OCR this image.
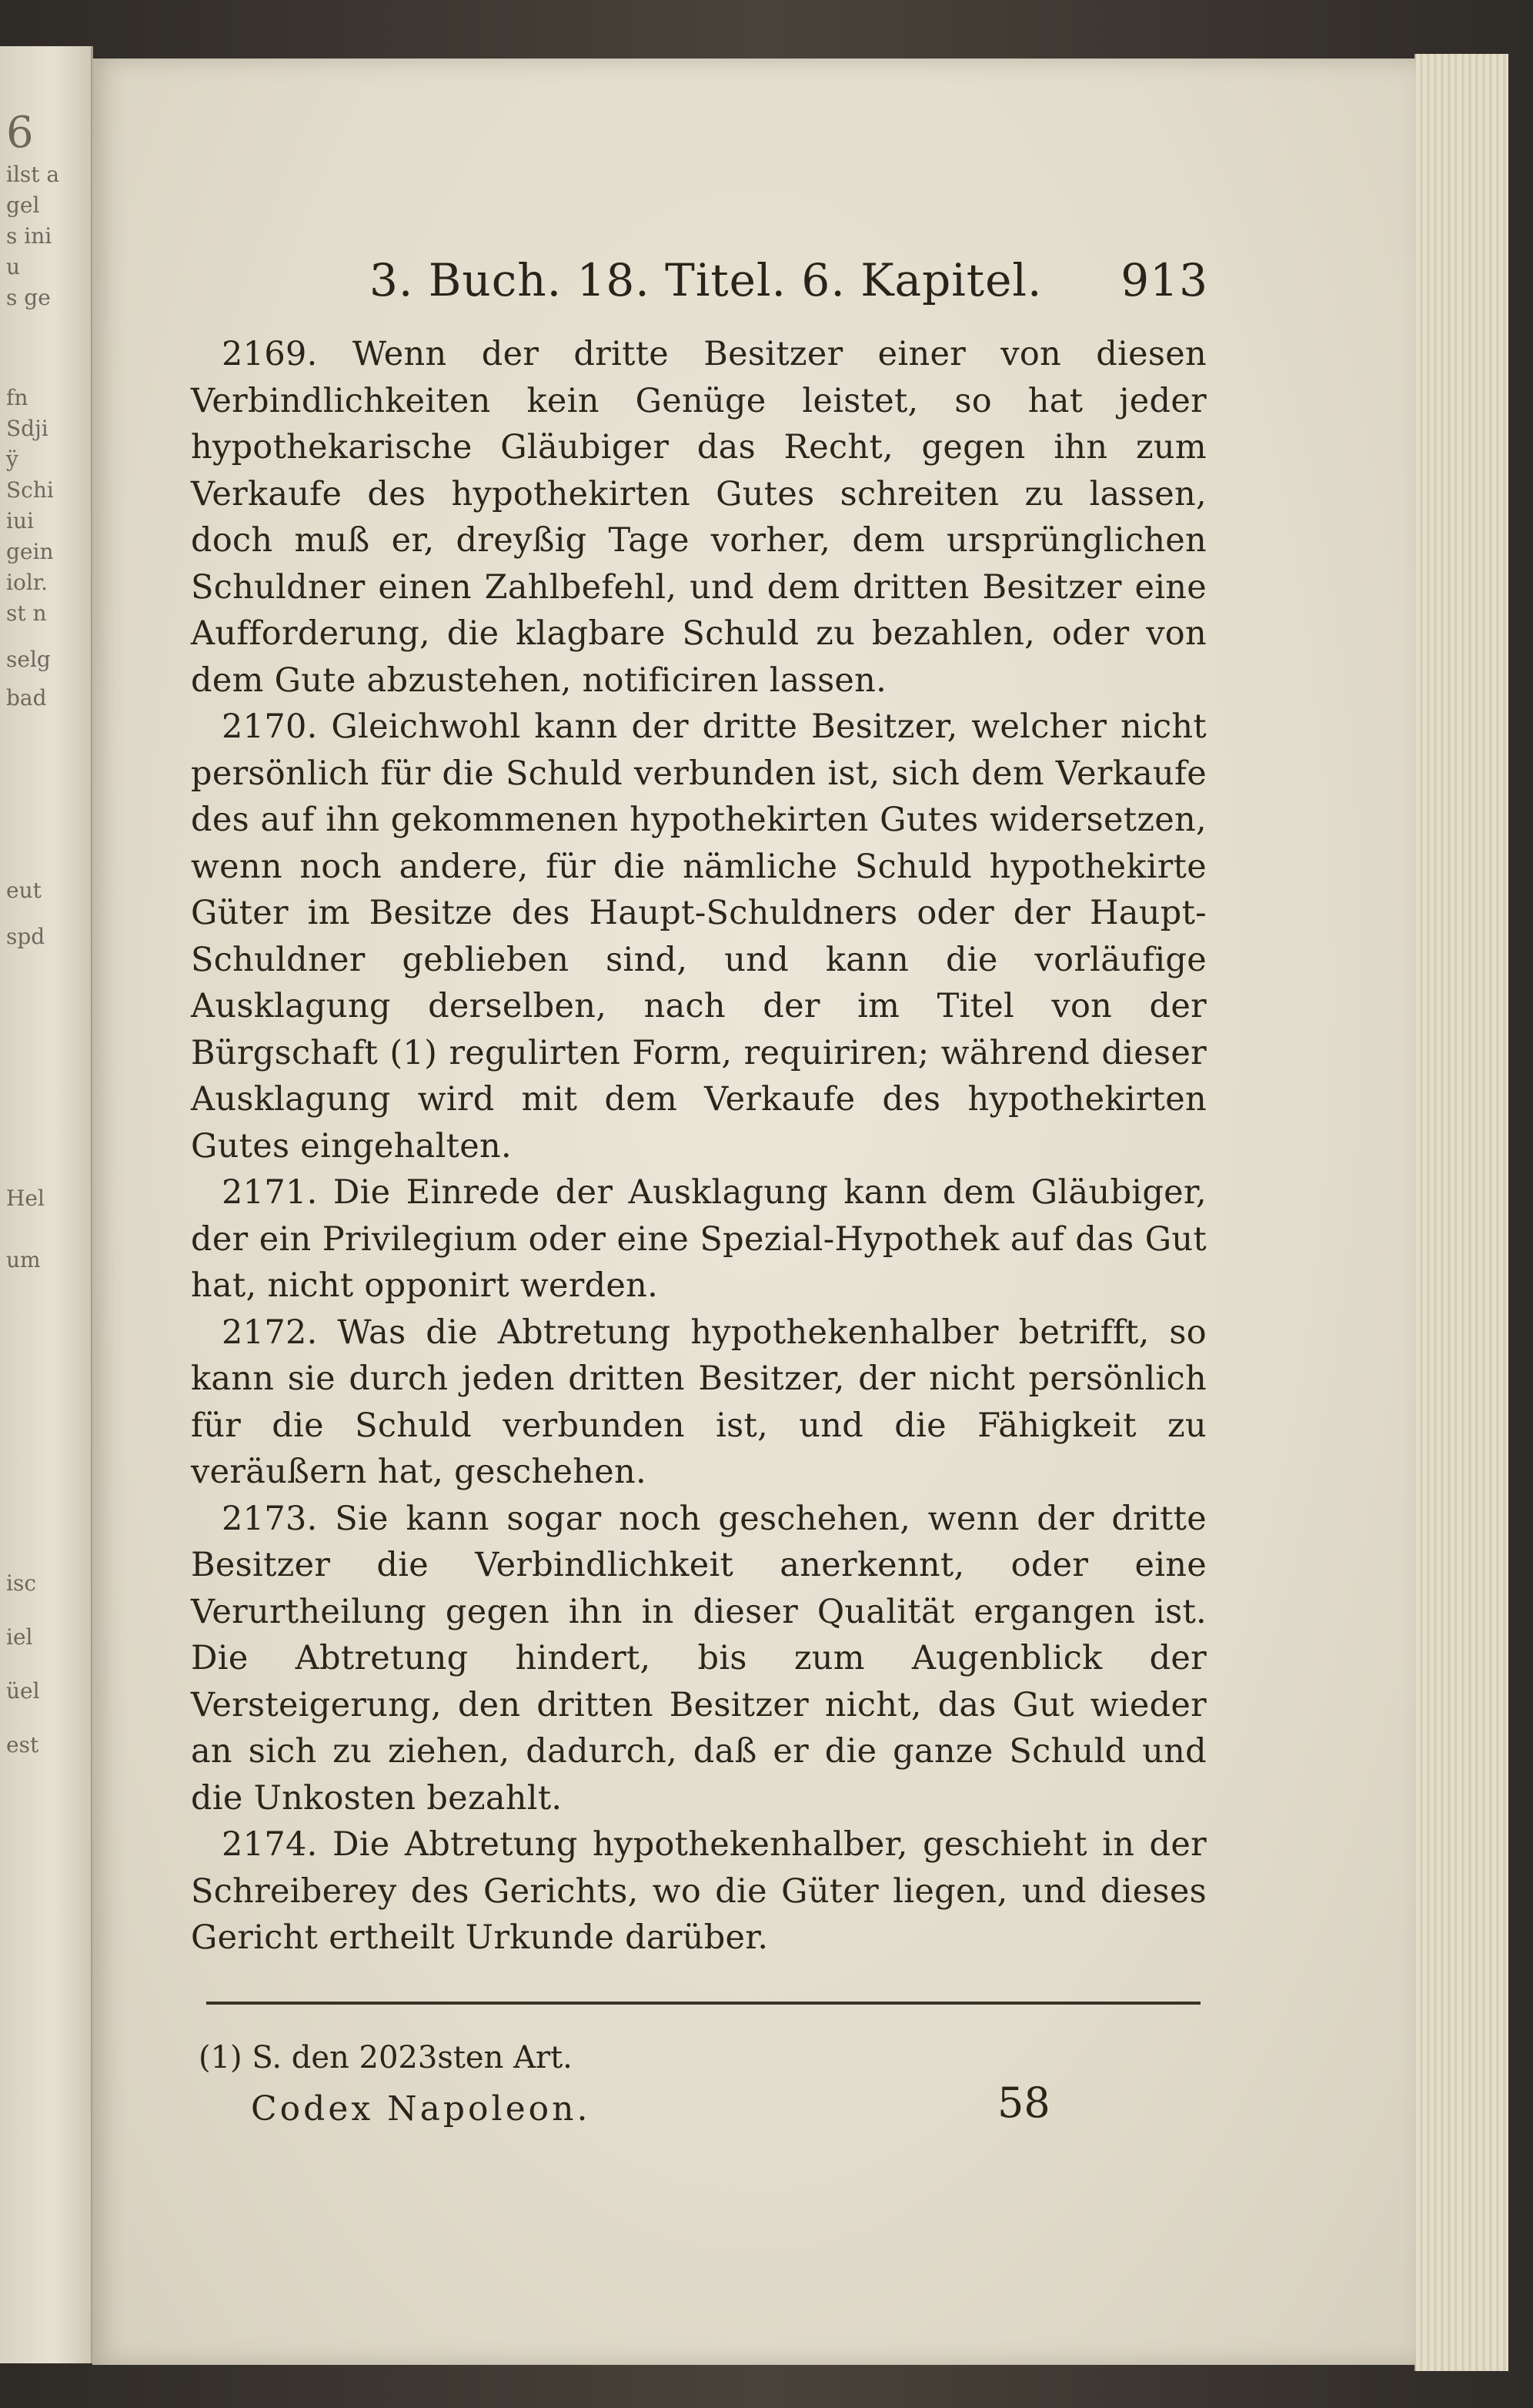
6
ilst a
gel
s ini
u
s ge
fn
Sdji
ÿ
Schi
iui
gein
iolr.
st n
selg
bad
eut
spd
Hel
um
isc
iel
üel
est
3. Buch. 18. Titel. 6. Kapitel. 913

2169. Wenn der dritte Besitzer einer von diesen Verbindlichkeiten kein Genüge leistet, so hat jeder hypothekarische Gläubiger das Recht, gegen ihn zum Verkaufe des hypothekirten Gutes schreiten zu lassen, doch muß er, dreyßig Tage vorher, dem ursprünglichen Schuldner einen Zahlbefehl, und dem dritten Besitzer eine Aufforderung, die klagbare Schuld zu bezahlen, oder von dem Gute abzustehen, notificiren lassen.

2170. Gleichwohl kann der dritte Besitzer, welcher nicht persönlich für die Schuld verbunden ist, sich dem Verkaufe des auf ihn gekommenen hypothekirten Gutes widersetzen, wenn noch andere, für die nämliche Schuld hypothekirte Güter im Besitze des Haupt-Schuldners oder der Haupt-Schuldner geblieben sind, und kann die vorläufige Ausklagung derselben, nach der im Titel von der Bürgschaft (1) regulirten Form, requiriren; während dieser Ausklagung wird mit dem Verkaufe des hypothekirten Gutes eingehalten.

2171. Die Einrede der Ausklagung kann dem Gläubiger, der ein Privilegium oder eine Spezial-Hypothek auf das Gut hat, nicht opponirt werden.

2172. Was die Abtretung hypothekenhalber betrifft, so kann sie durch jeden dritten Besitzer, der nicht persönlich für die Schuld verbunden ist, und die Fähigkeit zu veräußern hat, geschehen.

2173. Sie kann sogar noch geschehen, wenn der dritte Besitzer die Verbindlichkeit anerkennt, oder eine Verurtheilung gegen ihn in dieser Qualität ergangen ist. Die Abtretung hindert, bis zum Augenblick der Versteigerung, den dritten Besitzer nicht, das Gut wieder an sich zu ziehen, dadurch, daß er die ganze Schuld und die Unkosten bezahlt.

2174. Die Abtretung hypothekenhalber, geschieht in der Schreiberey des Gerichts, wo die Güter liegen, und dieses Gericht ertheilt Urkunde darüber.

(1) S. den 2023sten Art.
Codex Napoleon.	58
